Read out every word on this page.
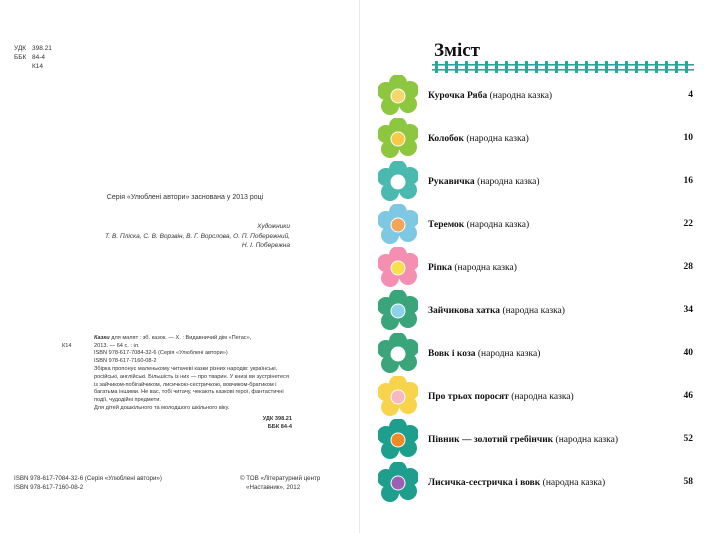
УДК 398.21
ББК 84-4
К14
Серія «Улюблені автори» заснована у 2013 році
Художники
Т. В. Пліска, С. В. Ворзвін, В. Г. Ворслова, О. П. Побережний,
Н. І. Побережна
К14
Казки для малят : зб. казок. — Х. : Видавничий дім «Пегас»,
2013. — 64 с. : іл.
ISBN 978-617-7084-32-6 (Серія «Улюблені автори»)
ISBN 978-617-7160-08-2
Збірка пропонує маленькому читачеві казки різних народів: українські, російські, англійські. Більшість із них — про тварин. У книзі ви зустрінетеся із зайчиком-побігайчиком, лисичкою-сестричкою, вовчиком-братиком і багатьма іншими. Не вас, тобі читачу, чекають казкові герої, фантастичні події, чудодійні предмети.
Для дітей дошкільного та молодшого шкільного віку.
УДК 398.21
ББК 84-4
ISBN 978-617-7084-32-6 (Серія «Улюблені автори»)
ISBN 978-617-7160-08-2
© ТОВ «Літературний центр
«Наставник», 2012
Зміст
Курочка Ряба (народна казка)	4
Колобок (народна казка)	10
Рукавичка (народна казка)	16
Теремок (народна казка)	22
Ріпка (народна казка)	28
Зайчикова хатка (народна казка)	34
Вовк і коза (народна казка)	40
Про трьох поросят (народна казка)	46
Півник — золотий гребінчик (народна казка)	52
Лисичка-сестричка і вовк (народна казка)	58
